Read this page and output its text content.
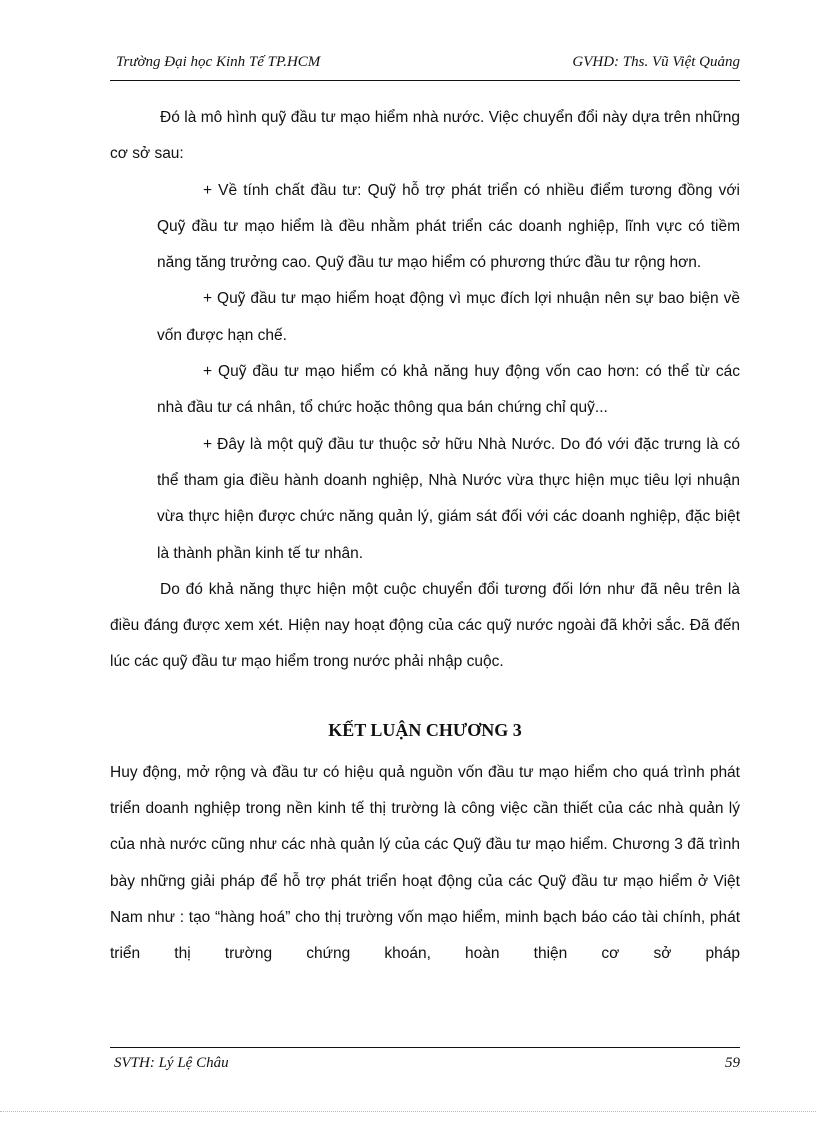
Trường Đại học Kinh Tế TP.HCM	GVHD: Ths. Vũ Việt Quảng

Đó là mô hình quỹ đầu tư mạo hiểm nhà nước. Việc chuyển đổi này dựa trên những cơ sở sau:

+ Về tính chất đầu tư: Quỹ hỗ trợ phát triển có nhiều điểm tương đồng với Quỹ đầu tư mạo hiểm là đều nhằm phát triển các doanh nghiệp, lĩnh vực có tiềm năng tăng trưởng cao. Quỹ đầu tư mạo hiểm có phương thức đầu tư rộng hơn.

+ Quỹ đầu tư mạo hiểm hoạt động vì mục đích lợi nhuận nên sự bao biện về vốn được hạn chế.

+ Quỹ đầu tư mạo hiểm có khả năng huy động vốn cao hơn: có thể từ các nhà đầu tư cá nhân, tổ chức hoặc thông qua bán chứng chỉ quỹ...

+ Đây là một quỹ đầu tư thuộc sở hữu Nhà Nước. Do đó với đặc trưng là có thể tham gia điều hành doanh nghiệp, Nhà Nước vừa thực hiện mục tiêu lợi nhuận vừa thực hiện được chức năng quản lý, giám sát đối với các doanh nghiệp, đặc biệt là thành phần kinh tế tư nhân.

Do đó khả năng thực hiện một cuộc chuyển đổi tương đối lớn như đã nêu trên là điều đáng được xem xét. Hiện nay hoạt động của các quỹ nước ngoài đã khởi sắc. Đã đến lúc các quỹ đầu tư mạo hiểm trong nước phải nhập cuộc.

KẾT LUẬN CHƯƠNG 3

Huy động, mở rộng và đầu tư có hiệu quả nguồn vốn đầu tư mạo hiểm cho quá trình phát triển doanh nghiệp trong nền kinh tế thị trường là công việc cần thiết của các nhà quản lý của nhà nước cũng như các nhà quản lý của các Quỹ đầu tư mạo hiểm. Chương 3 đã trình bày những giải pháp để hỗ trợ phát triển hoạt động của các Quỹ đầu tư mạo hiểm ở Việt Nam như : tạo “hàng hoá” cho thị trường vốn mạo hiểm, minh bạch báo cáo tài chính, phát triển thị trường chứng khoán, hoàn thiện cơ sở pháp

SVTH: Lý Lệ Châu	59
